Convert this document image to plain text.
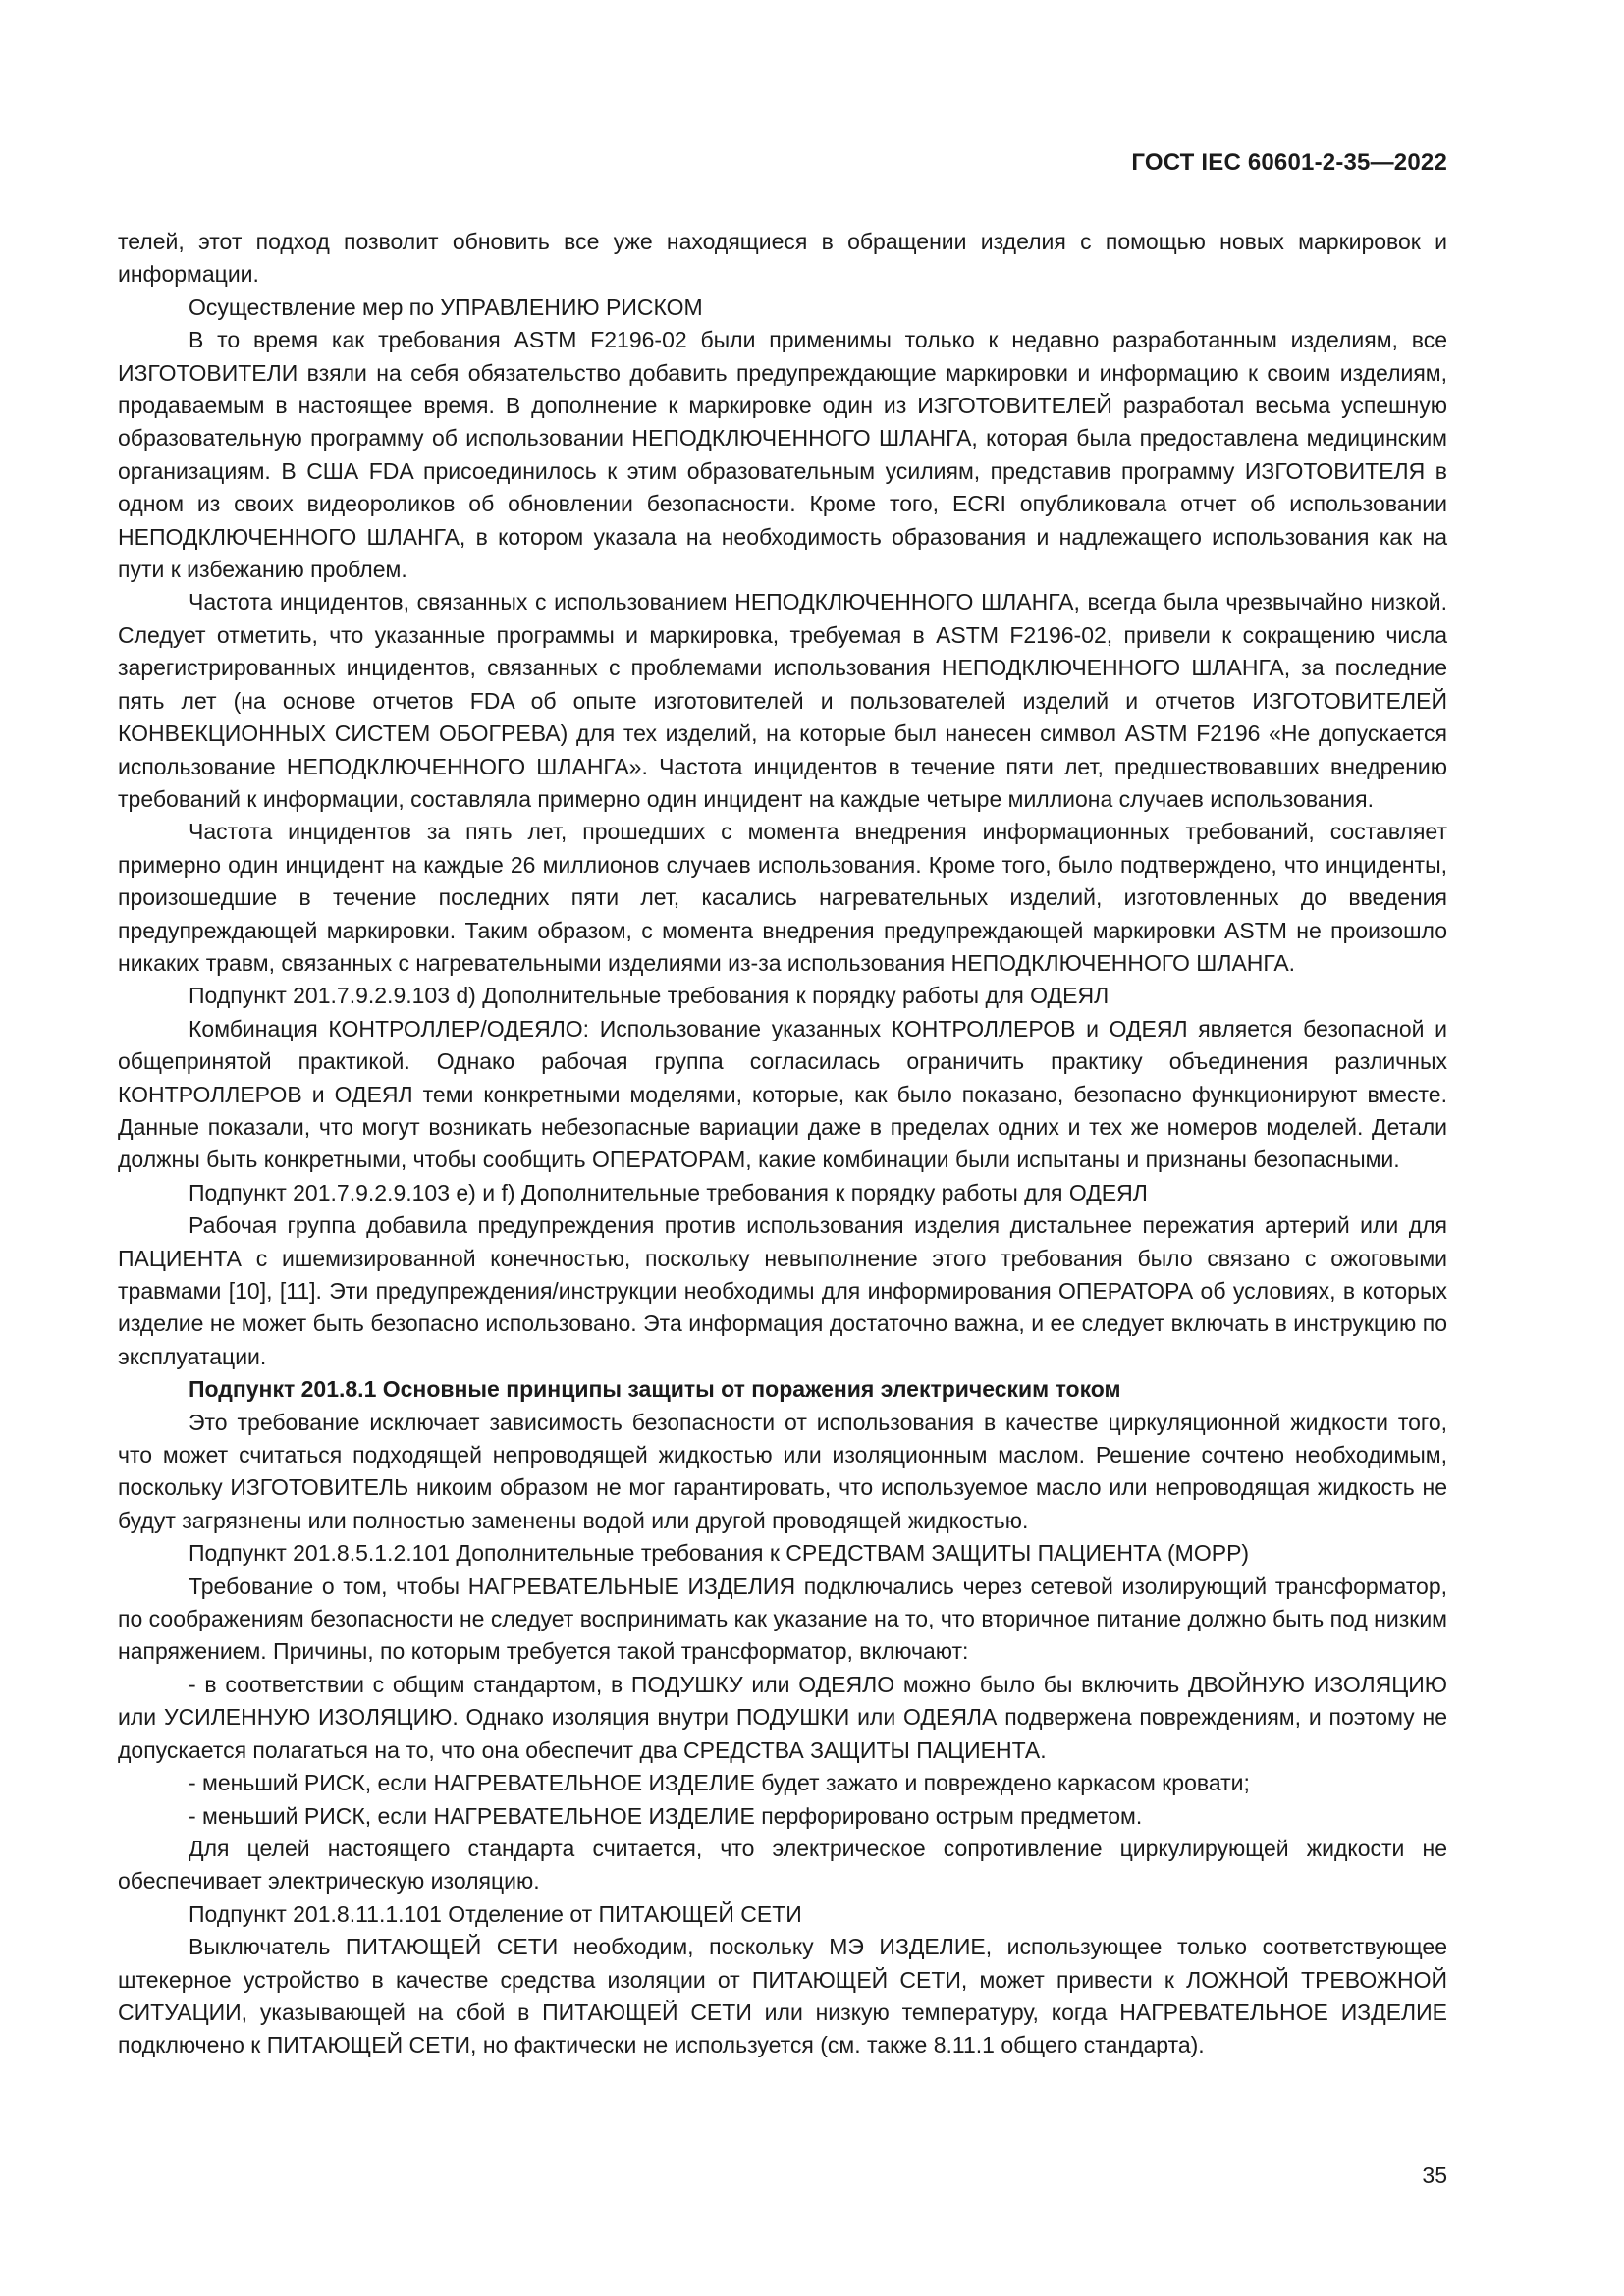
ГОСТ IEC 60601-2-35—2022

телей, этот подход позволит обновить все уже находящиеся в обращении изделия с помощью новых маркировок и информации.

Осуществление мер по УПРАВЛЕНИЮ РИСКОМ

В то время как требования ASTM F2196-02 были применимы только к недавно разработанным изделиям, все ИЗГОТОВИТЕЛИ взяли на себя обязательство добавить предупреждающие маркировки и информацию к своим изделиям, продаваемым в настоящее время. В дополнение к маркировке один из ИЗГОТОВИТЕЛЕЙ разработал весьма успешную образовательную программу об использовании НЕПОДКЛЮЧЕННОГО ШЛАНГА, которая была предоставлена медицинским организациям. В США FDA присоединилось к этим образовательным усилиям, представив программу ИЗГОТОВИТЕЛЯ в одном из своих видеороликов об обновлении безопасности. Кроме того, ECRI опубликовала отчет об использовании НЕПОДКЛЮЧЕННОГО ШЛАНГА, в котором указала на необходимость образования и надлежащего использования как на пути к избежанию проблем.

Частота инцидентов, связанных с использованием НЕПОДКЛЮЧЕННОГО ШЛАНГА, всегда была чрезвычайно низкой. Следует отметить, что указанные программы и маркировка, требуемая в ASTM F2196-02, привели к сокращению числа зарегистрированных инцидентов, связанных с проблемами использования НЕПОДКЛЮЧЕННОГО ШЛАНГА, за последние пять лет (на основе отчетов FDA об опыте изготовителей и пользователей изделий и отчетов ИЗГОТОВИТЕЛЕЙ КОНВЕКЦИОННЫХ СИСТЕМ ОБОГРЕВА) для тех изделий, на которые был нанесен символ ASTM F2196 «Не допускается использование НЕПОДКЛЮЧЕННОГО ШЛАНГА». Частота инцидентов в течение пяти лет, предшествовавших внедрению требований к информации, составляла примерно один инцидент на каждые четыре миллиона случаев использования.

Частота инцидентов за пять лет, прошедших с момента внедрения информационных требований, составляет примерно один инцидент на каждые 26 миллионов случаев использования. Кроме того, было подтверждено, что инциденты, произошедшие в течение последних пяти лет, касались нагревательных изделий, изготовленных до введения предупреждающей маркировки. Таким образом, с момента внедрения предупреждающей маркировки ASTM не произошло никаких травм, связанных с нагревательными изделиями из-за использования НЕПОДКЛЮЧЕННОГО ШЛАНГА.

Подпункт 201.7.9.2.9.103 d) Дополнительные требования к порядку работы для ОДЕЯЛ

Комбинация КОНТРОЛЛЕР/ОДЕЯЛО: Использование указанных КОНТРОЛЛЕРОВ и ОДЕЯЛ является безопасной и общепринятой практикой. Однако рабочая группа согласилась ограничить практику объединения различных КОНТРОЛЛЕРОВ и ОДЕЯЛ теми конкретными моделями, которые, как было показано, безопасно функционируют вместе. Данные показали, что могут возникать небезопасные вариации даже в пределах одних и тех же номеров моделей. Детали должны быть конкретными, чтобы сообщить ОПЕРАТОРАМ, какие комбинации были испытаны и признаны безопасными.

Подпункт 201.7.9.2.9.103 e) и f) Дополнительные требования к порядку работы для ОДЕЯЛ

Рабочая группа добавила предупреждения против использования изделия дистальнее пережатия артерий или для ПАЦИЕНТА с ишемизированной конечностью, поскольку невыполнение этого требования было связано с ожоговыми травмами [10], [11]. Эти предупреждения/инструкции необходимы для информирования ОПЕРАТОРА об условиях, в которых изделие не может быть безопасно использовано. Эта информация достаточно важна, и ее следует включать в инструкцию по эксплуатации.

Подпункт 201.8.1 Основные принципы защиты от поражения электрическим током

Это требование исключает зависимость безопасности от использования в качестве циркуляционной жидкости того, что может считаться подходящей непроводящей жидкостью или изоляционным маслом. Решение сочтено необходимым, поскольку ИЗГОТОВИТЕЛЬ никоим образом не мог гарантировать, что используемое масло или непроводящая жидкость не будут загрязнены или полностью заменены водой или другой проводящей жидкостью.

Подпункт 201.8.5.1.2.101 Дополнительные требования к СРЕДСТВАМ ЗАЩИТЫ ПАЦИЕНТА (МОРР)

Требование о том, чтобы НАГРЕВАТЕЛЬНЫЕ ИЗДЕЛИЯ подключались через сетевой изолирующий трансформатор, по соображениям безопасности не следует воспринимать как указание на то, что вторичное питание должно быть под низким напряжением. Причины, по которым требуется такой трансформатор, включают:

- в соответствии с общим стандартом, в ПОДУШКУ или ОДЕЯЛО можно было бы включить ДВОЙНУЮ ИЗОЛЯЦИЮ или УСИЛЕННУЮ ИЗОЛЯЦИЮ. Однако изоляция внутри ПОДУШКИ или ОДЕЯЛА подвержена повреждениям, и поэтому не допускается полагаться на то, что она обеспечит два СРЕДСТВА ЗАЩИТЫ ПАЦИЕНТА.

- меньший РИСК, если НАГРЕВАТЕЛЬНОЕ ИЗДЕЛИЕ будет зажато и повреждено каркасом кровати;

- меньший РИСК, если НАГРЕВАТЕЛЬНОЕ ИЗДЕЛИЕ перфорировано острым предметом.

Для целей настоящего стандарта считается, что электрическое сопротивление циркулирующей жидкости не обеспечивает электрическую изоляцию.

Подпункт 201.8.11.1.101 Отделение от ПИТАЮЩЕЙ СЕТИ

Выключатель ПИТАЮЩЕЙ СЕТИ необходим, поскольку МЭ ИЗДЕЛИЕ, использующее только соответствующее штекерное устройство в качестве средства изоляции от ПИТАЮЩЕЙ СЕТИ, может привести к ЛОЖНОЙ ТРЕВОЖНОЙ СИТУАЦИИ, указывающей на сбой в ПИТАЮЩЕЙ СЕТИ или низкую температуру, когда НАГРЕВАТЕЛЬНОЕ ИЗДЕЛИЕ подключено к ПИТАЮЩЕЙ СЕТИ, но фактически не используется (см. также 8.11.1 общего стандарта).

35
